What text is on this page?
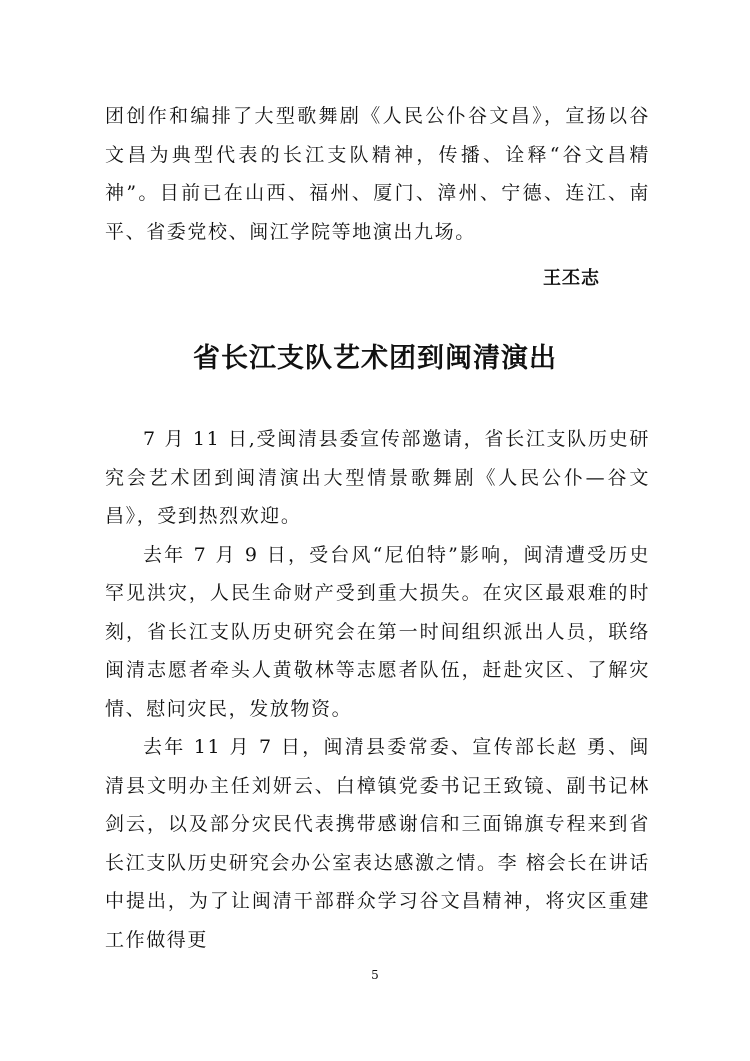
团创作和编排了大型歌舞剧《人民公仆谷文昌》，宣扬以谷文昌为典型代表的长江支队精神，传播、诠释“谷文昌精神”。目前已在山西、福州、厦门、漳州、宁德、连江、南平、省委党校、闽江学院等地演出九场。

王丕志

省长江支队艺术团到闽清演出

7 月 11 日,受闽清县委宣传部邀请，省长江支队历史研究会艺术团到闽清演出大型情景歌舞剧《人民公仆—谷文昌》，受到热烈欢迎。

去年 7 月 9 日，受台风“尼伯特”影响，闽清遭受历史罕见洪灾，人民生命财产受到重大损失。在灾区最艰难的时刻，省长江支队历史研究会在第一时间组织派出人员，联络闽清志愿者牵头人黄敬林等志愿者队伍，赶赴灾区、了解灾情、慰问灾民，发放物资。

去年 11 月 7 日，闽清县委常委、宣传部长赵 勇、闽清县文明办主任刘妍云、白樟镇党委书记王致镜、副书记林剑云，以及部分灾民代表携带感谢信和三面锦旗专程来到省长江支队历史研究会办公室表达感激之情。李 榕会长在讲话中提出，为了让闽清干部群众学习谷文昌精神，将灾区重建工作做得更

5
